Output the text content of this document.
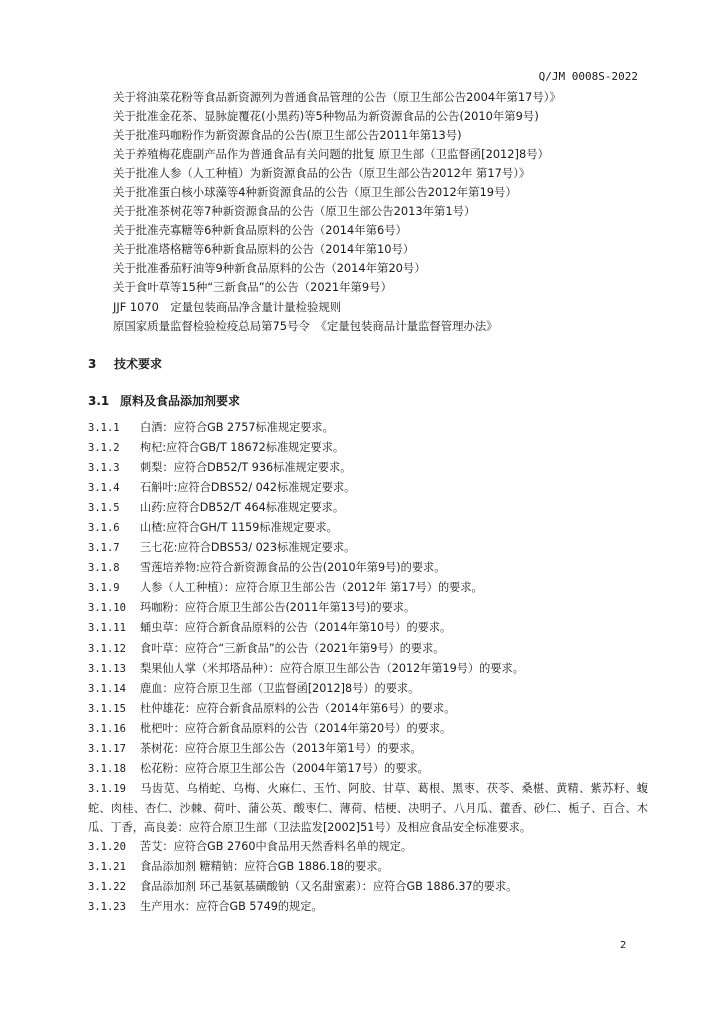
Q/JM 0008S-2022
关于将油菜花粉等食品新资源列为普通食品管理的公告（原卫生部公告2004年第17号）》
关于批准金花茶、显脉旋覆花(小黑药)等5种物品为新资源食品的公告(2010年第9号)
关于批准玛咖粉作为新资源食品的公告(原卫生部公告2011年第13号)
关于养殖梅花鹿副产品作为普通食品有关问题的批复 原卫生部（卫监督函[2012]8号）
关于批准人参（人工种植）为新资源食品的公告（原卫生部公告2012年 第17号）》
关于批准蛋白核小球藻等4种新资源食品的公告（原卫生部公告2012年第19号）
关于批准茶树花等7种新资源食品的公告（原卫生部公告2013年第1号）
关于批准壳寡糖等6种新食品原料的公告（2014年第6号）
关于批准塔格糖等6种新食品原料的公告（2014年第10号）
关于批准番茄籽油等9种新食品原料的公告（2014年第20号）
关于食叶草等15种“三新食品”的公告（2021年第9号）
JJF 1070　定量包装商品净含量计量检验规则
原国家质量监督检验检疫总局第75号令　《定量包装商品计量监督管理办法》
3 技术要求
3.1 原料及食品添加剂要求
3.1.1 白酒：应符合GB 2757标准规定要求。
3.1.2 枸杞:应符合GB/T 18672标准规定要求。
3.1.3 刺梨：应符合DB52/T 936标准规定要求。
3.1.4 石斛叶:应符合DBS52/ 042标准规定要求。
3.1.5 山药:应符合DB52/T 464标准规定要求。
3.1.6 山楂:应符合GH/T 1159标准规定要求。
3.1.7 三七花:应符合DBS53/ 023标准规定要求。
3.1.8 雪莲培养物:应符合新资源食品的公告(2010年第9号)的要求。
3.1.9 人参（人工种植）：应符合原卫生部公告（2012年 第17号）的要求。
3.1.10 玛咖粉：应符合原卫生部公告(2011年第13号)的要求。
3.1.11 蛹虫草：应符合新食品原料的公告（2014年第10号）的要求。
3.1.12 食叶草：应符合“三新食品”的公告（2021年第9号）的要求。
3.1.13 梨果仙人掌（米邦塔品种）：应符合原卫生部公告（2012年第19号）的要求。
3.1.14 鹿血：应符合原卫生部（卫监督函[2012]8号）的要求。
3.1.15 杜仲雄花：应符合新食品原料的公告（2014年第6号）的要求。
3.1.16 枇杷叶：应符合新食品原料的公告（2014年第20号）的要求。
3.1.17 茶树花：应符合原卫生部公告（2013年第1号）的要求。
3.1.18 松花粉：应符合原卫生部公告（2004年第17号）的要求。
3.1.19 马齿苋、乌梢蛇、乌梅、火麻仁、玉竹、阿胶、甘草、葛根、黑枣、茯苓、桑椹、黄精、紫苏籽、蝮蛇、肉桂、杏仁、沙棘、荷叶、蒲公英、酸枣仁、薄荷、桔梗、决明子、八月瓜、藿香、砂仁、栀子、百合、木瓜、丁香，高良姜：应符合原卫生部（卫法监发[2002]51号）及相应食品安全标准要求。
3.1.20 苦艾：应符合GB 2760中食品用天然香料名单的规定。
3.1.21 食品添加剂 糖精钠：应符合GB 1886.18的要求。
3.1.22 食品添加剂 环己基氨基磺酸钠（又名甜蜜素）：应符合GB 1886.37的要求。
3.1.23 生产用水：应符合GB 5749的规定。
2
